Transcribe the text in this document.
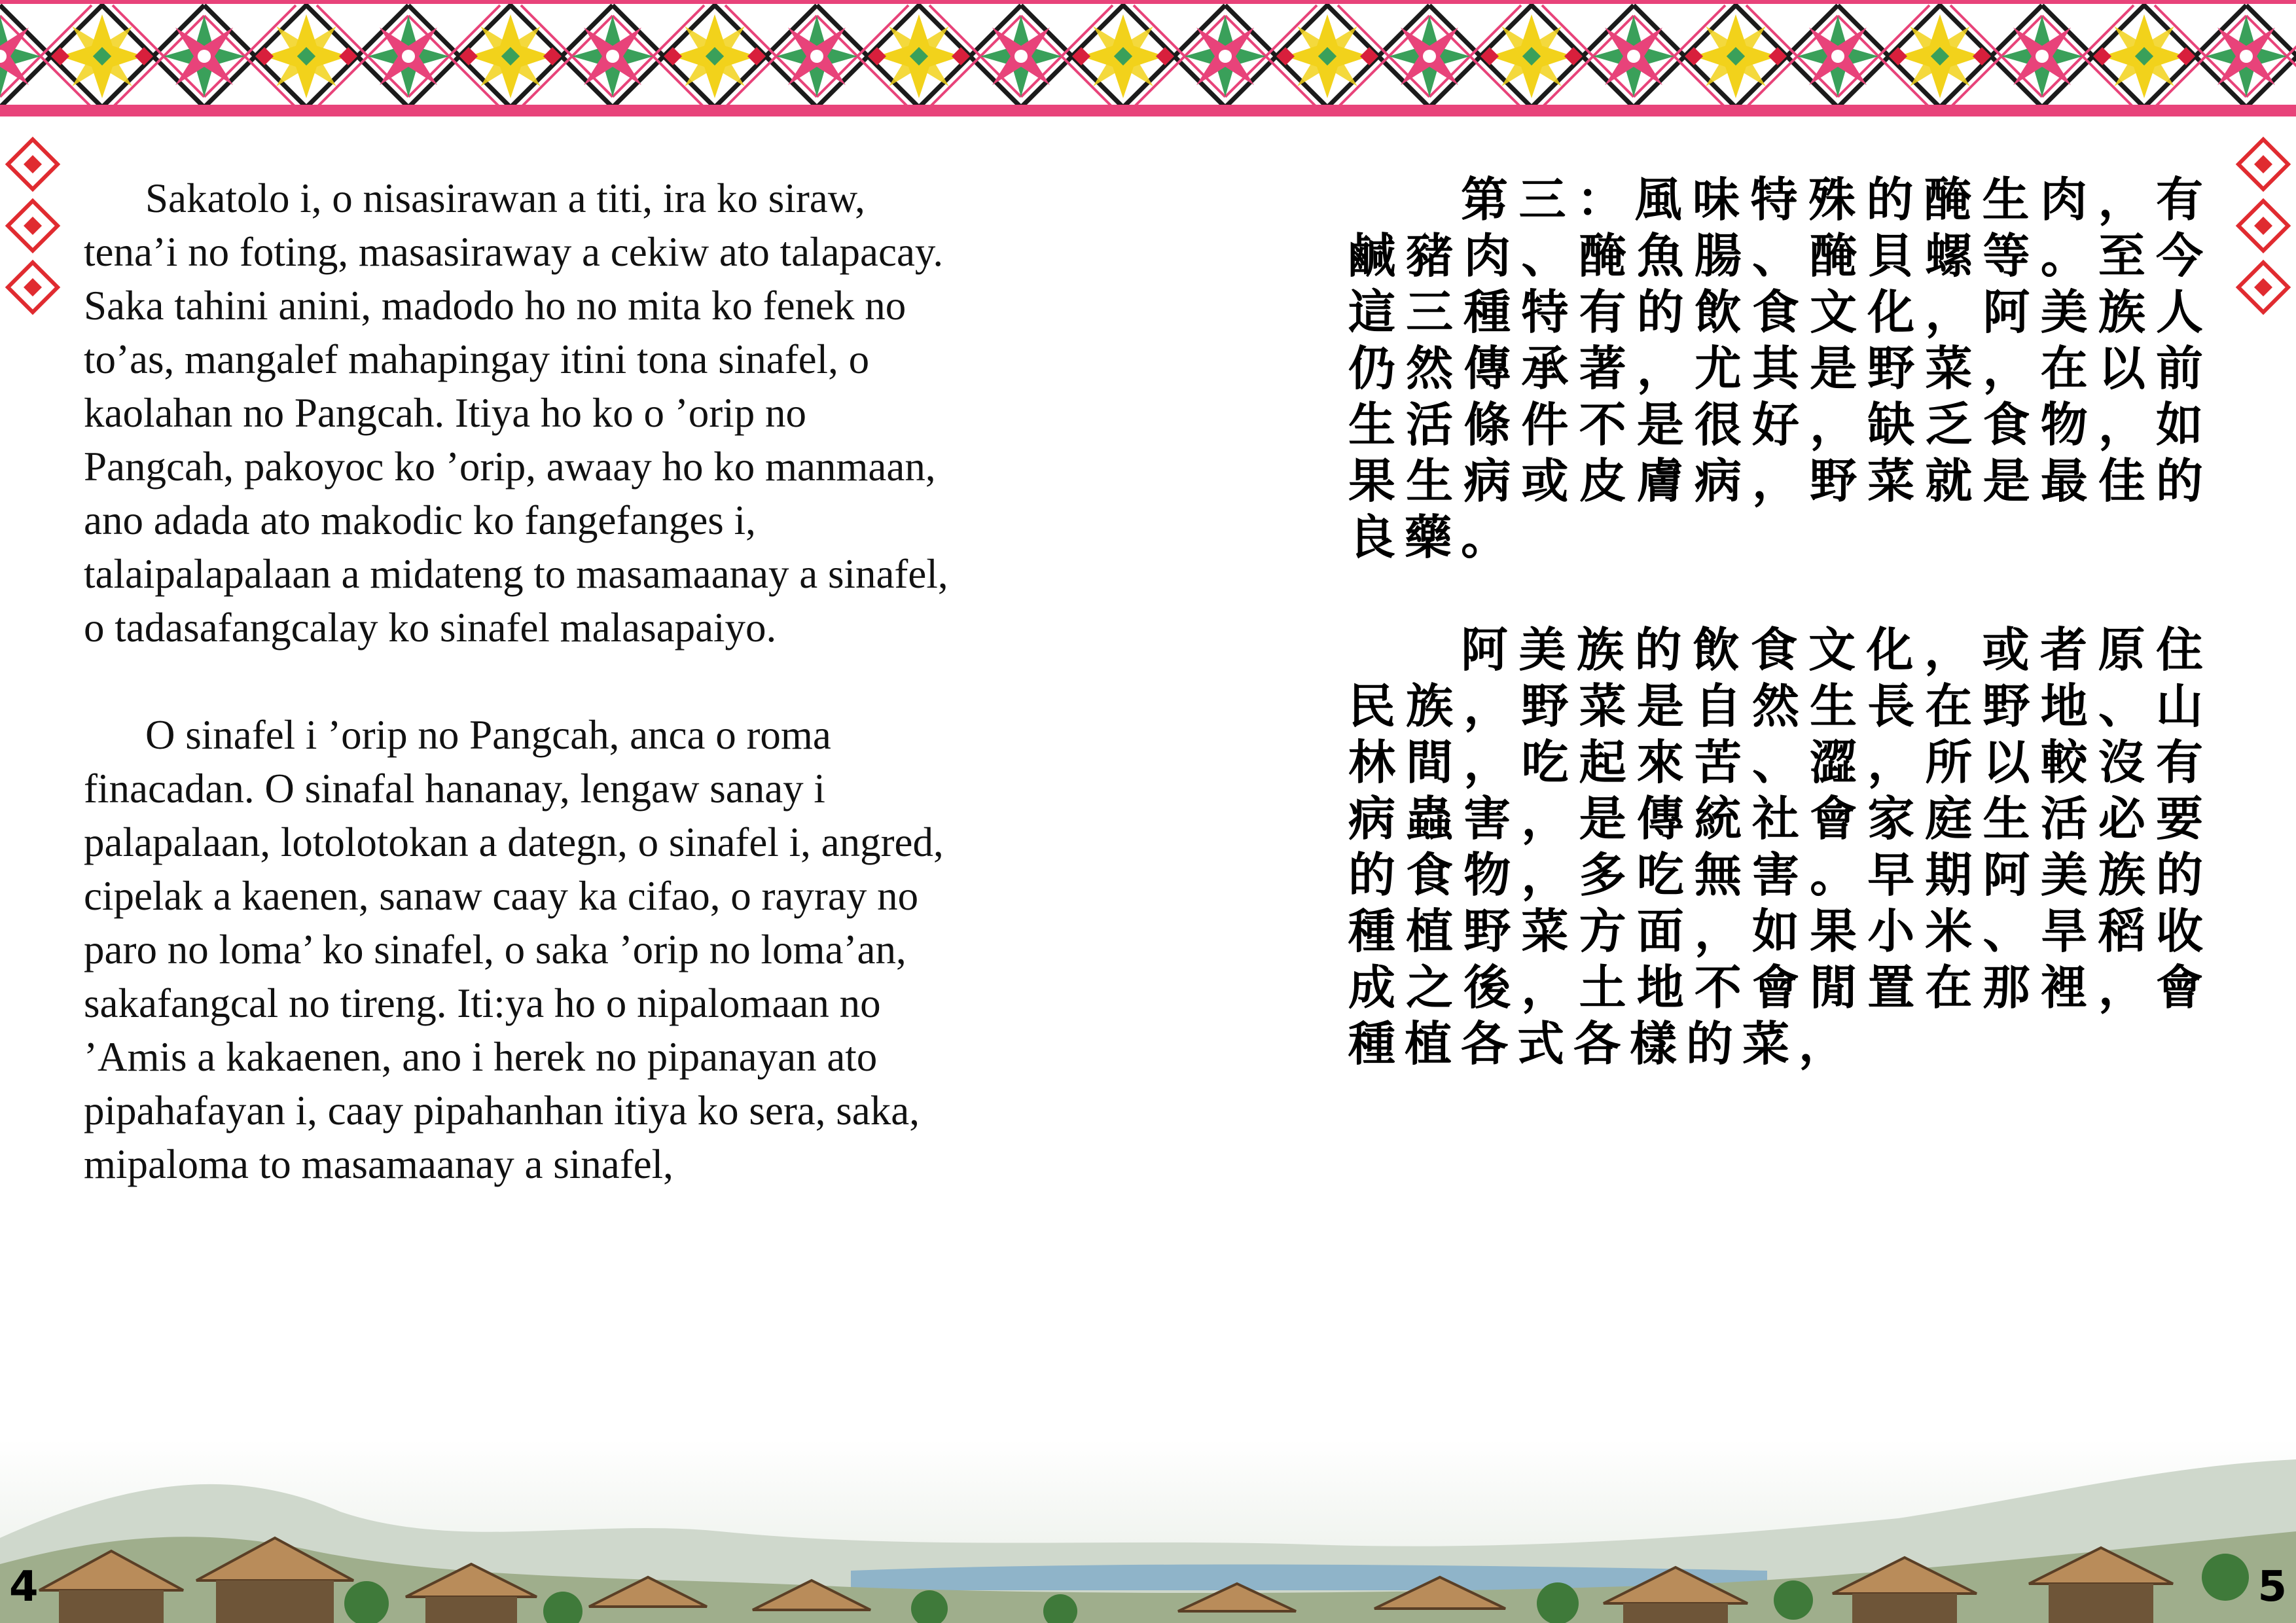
Sakatolo i, o nisasirawan a titi, ira ko siraw, tena’i no foting, masasiraway a cekiw ato talapacay. Saka tahini anini, madodo ho no mita ko fenek no to’as, mangalef mahapingay itini tona sinafel, o kaolahan no Pangcah. Itiya ho ko o ’orip no Pangcah, pakoyoc ko ’orip, awaay ho ko manmaan, ano adada ato makodic ko fangefanges i, talaipalapalaan a midateng to masamaanay a sinafel, o tadasafangcalay ko sinafel malasapaiyo.

O sinafel i ’orip no Pangcah, anca o roma finacadan. O sinafal hananay, lengaw sanay i palapalaan, lotolotokan a dategn, o sinafel i, angred, cipelak a kaenen, sanaw caay ka cifao, o rayray no paro no loma’ ko sinafel, o saka ’orip no loma’an, sakafangcal no tireng. Iti:ya ho o nipalomaan no ’Amis a kakaenen, ano i herek no pipanayan ato pipahafayan i, caay pipahanhan itiya ko sera, saka, mipaloma to masamaanay a sinafel,

第三：風味特殊的醃生肉，有鹹豬肉、醃魚腸、醃貝螺等。至今這三種特有的飲食文化，阿美族人仍然傳承著，尤其是野菜，在以前生活條件不是很好，缺乏食物，如果生病或皮膚病，野菜就是最佳的良藥。

阿美族的飲食文化，或者原住民族，野菜是自然生長在野地、山林間，吃起來苦、澀，所以較沒有病蟲害，是傳統社會家庭生活必要的食物，多吃無害。早期阿美族的種植野菜方面，如果小米、旱稻收成之後，土地不會閒置在那裡，會種植各式各樣的菜，

4	5
